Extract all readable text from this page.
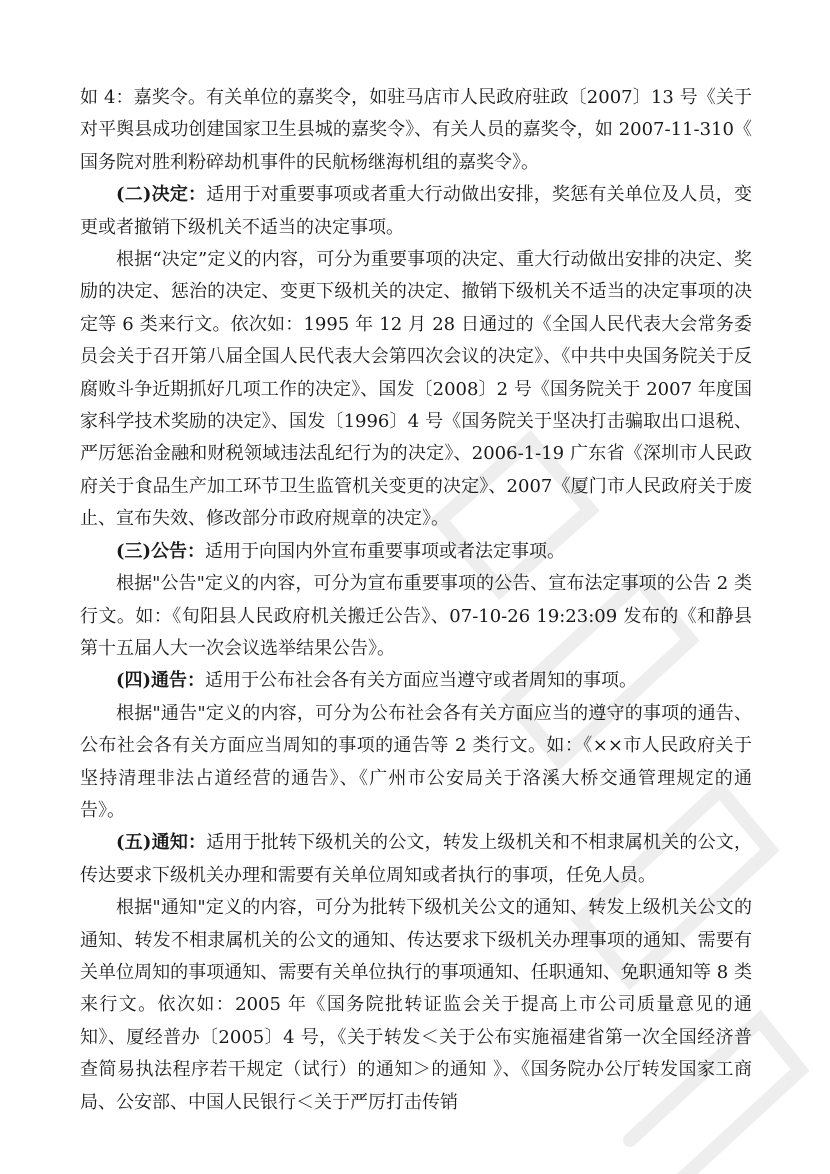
如 4：嘉奖令。有关单位的嘉奖令，如驻马店市人民政府驻政〔2007〕13 号《关于对平舆县成功创建国家卫生县城的嘉奖令》、有关人员的嘉奖令，如 2007-11-310《 国务院对胜利粉碎劫机事件的民航杨继海机组的嘉奖令》。

(二)决定：适用于对重要事项或者重大行动做出安排，奖惩有关单位及人员，变更或者撤销下级机关不适当的决定事项。

根据“决定”定义的内容，可分为重要事项的决定、重大行动做出安排的决定、奖励的决定、惩治的决定、变更下级机关的决定、撤销下级机关不适当的决定事项的决定等 6 类来行文。依次如：1995 年 12 月 28 日通过的《全国人民代表大会常务委员会关于召开第八届全国人民代表大会第四次会议的决定》、《中共中央国务院关于反腐败斗争近期抓好几项工作的决定》、国发〔2008〕2 号《国务院关于 2007 年度国家科学技术奖励的决定》、国发〔1996〕4 号《国务院关于坚决打击骗取出口退税、严厉惩治金融和财税领域违法乱纪行为的决定》、2006-1-19 广东省《深圳市人民政府关于食品生产加工环节卫生监管机关变更的决定》、2007《厦门市人民政府关于废止、宣布失效、修改部分市政府规章的决定》。

(三)公告：适用于向国内外宣布重要事项或者法定事项。

根据"公告"定义的内容，可分为宣布重要事项的公告、宣布法定事项的公告 2 类行文。如：《旬阳县人民政府机关搬迁公告》、07-10-26 19:23:09 发布的《和静县第十五届人大一次会议选举结果公告》。

(四)通告：适用于公布社会各有关方面应当遵守或者周知的事项。

根据"通告"定义的内容，可分为公布社会各有关方面应当的遵守的事项的通告、公布社会各有关方面应当周知的事项的通告等 2 类行文。如：《××市人民政府关于坚持清理非法占道经营的通告》、《广州市公安局关于洛溪大桥交通管理规定的通告》。

(五)通知：适用于批转下级机关的公文，转发上级机关和不相隶属机关的公文，传达要求下级机关办理和需要有关单位周知或者执行的事项，任免人员。

根据"通知"定义的内容，可分为批转下级机关公文的通知、转发上级机关公文的通知、转发不相隶属机关的公文的通知、传达要求下级机关办理事项的通知、需要有关单位周知的事项通知、需要有关单位执行的事项通知、任职通知、免职通知等 8 类来行文。依次如：2005 年《国务院批转证监会关于提高上市公司质量意见的通知》、厦经普办〔2005〕4 号，《关于转发＜关于公布实施福建省第一次全国经济普查简易执法程序若干规定（试行）的通知＞的通知 》、《国务院办公厅转发国家工商局、公安部、中国人民银行＜关于严厉打击传销
